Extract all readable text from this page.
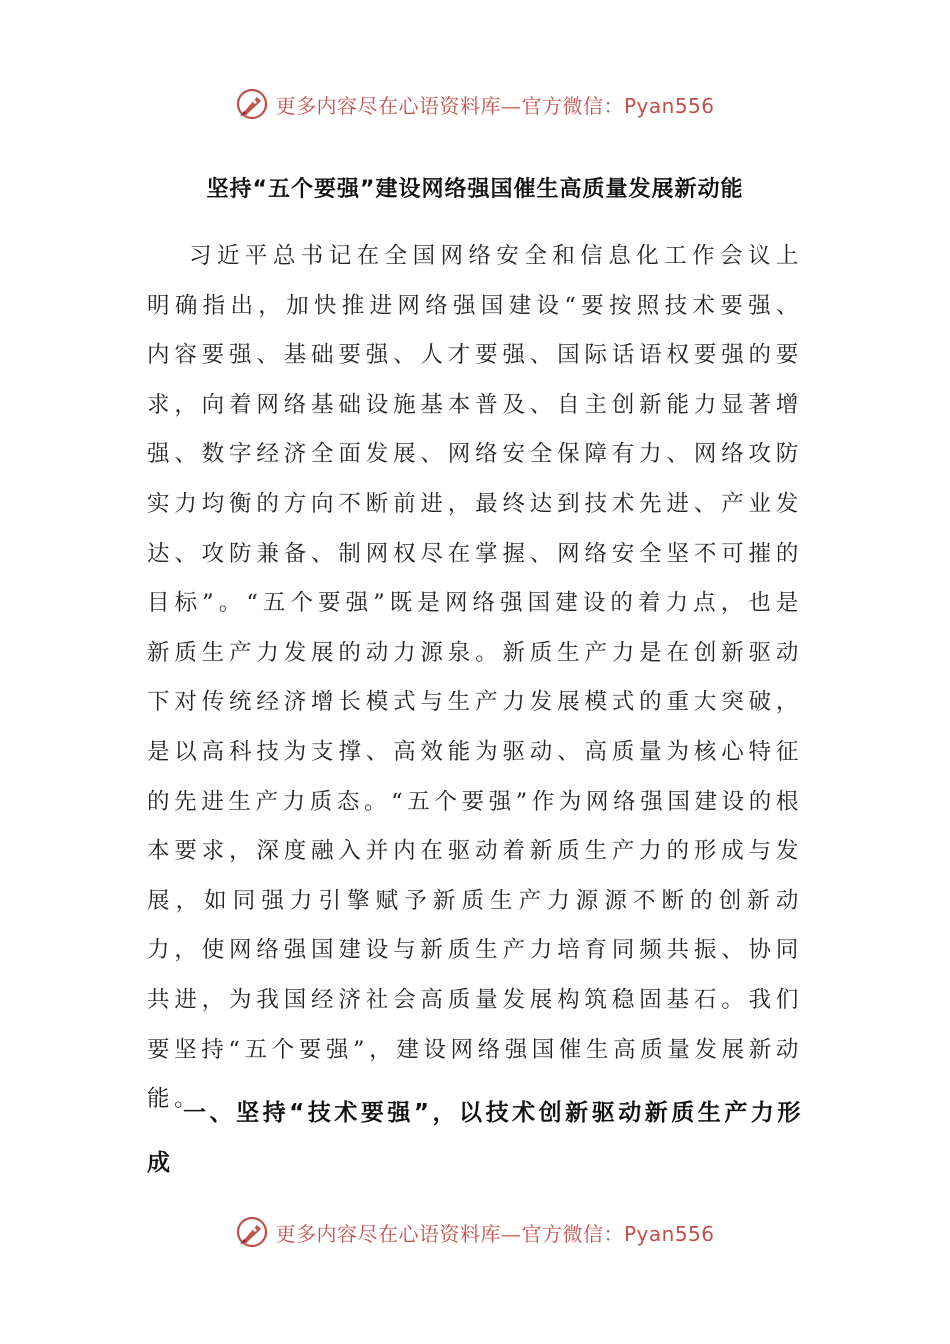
更多内容尽在心语资料库—官方微信：Pyan556
坚持“五个要强”建设网络强国催生高质量发展新动能

习近平总书记在全国网络安全和信息化工作会议上明确指出，加快推进网络强国建设“要按照技术要强、内容要强、基础要强、人才要强、国际话语权要强的要求，向着网络基础设施基本普及、自主创新能力显著增强、数字经济全面发展、网络安全保障有力、网络攻防实力均衡的方向不断前进，最终达到技术先进、产业发达、攻防兼备、制网权尽在掌握、网络安全坚不可摧的目标”。“五个要强”既是网络强国建设的着力点，也是新质生产力发展的动力源泉。新质生产力是在创新驱动下对传统经济增长模式与生产力发展模式的重大突破，是以高科技为支撑、高效能为驱动、高质量为核心特征的先进生产力质态。“五个要强”作为网络强国建设的根本要求，深度融入并内在驱动着新质生产力的形成与发展，如同强力引擎赋予新质生产力源源不断的创新动力，使网络强国建设与新质生产力培育同频共振、协同共进，为我国经济社会高质量发展构筑稳固基石。我们要坚持“五个要强”，建设网络强国催生高质量发展新动能。

一、坚持“技术要强”，以技术创新驱动新质生产力形成
更多内容尽在心语资料库—官方微信：Pyan556
